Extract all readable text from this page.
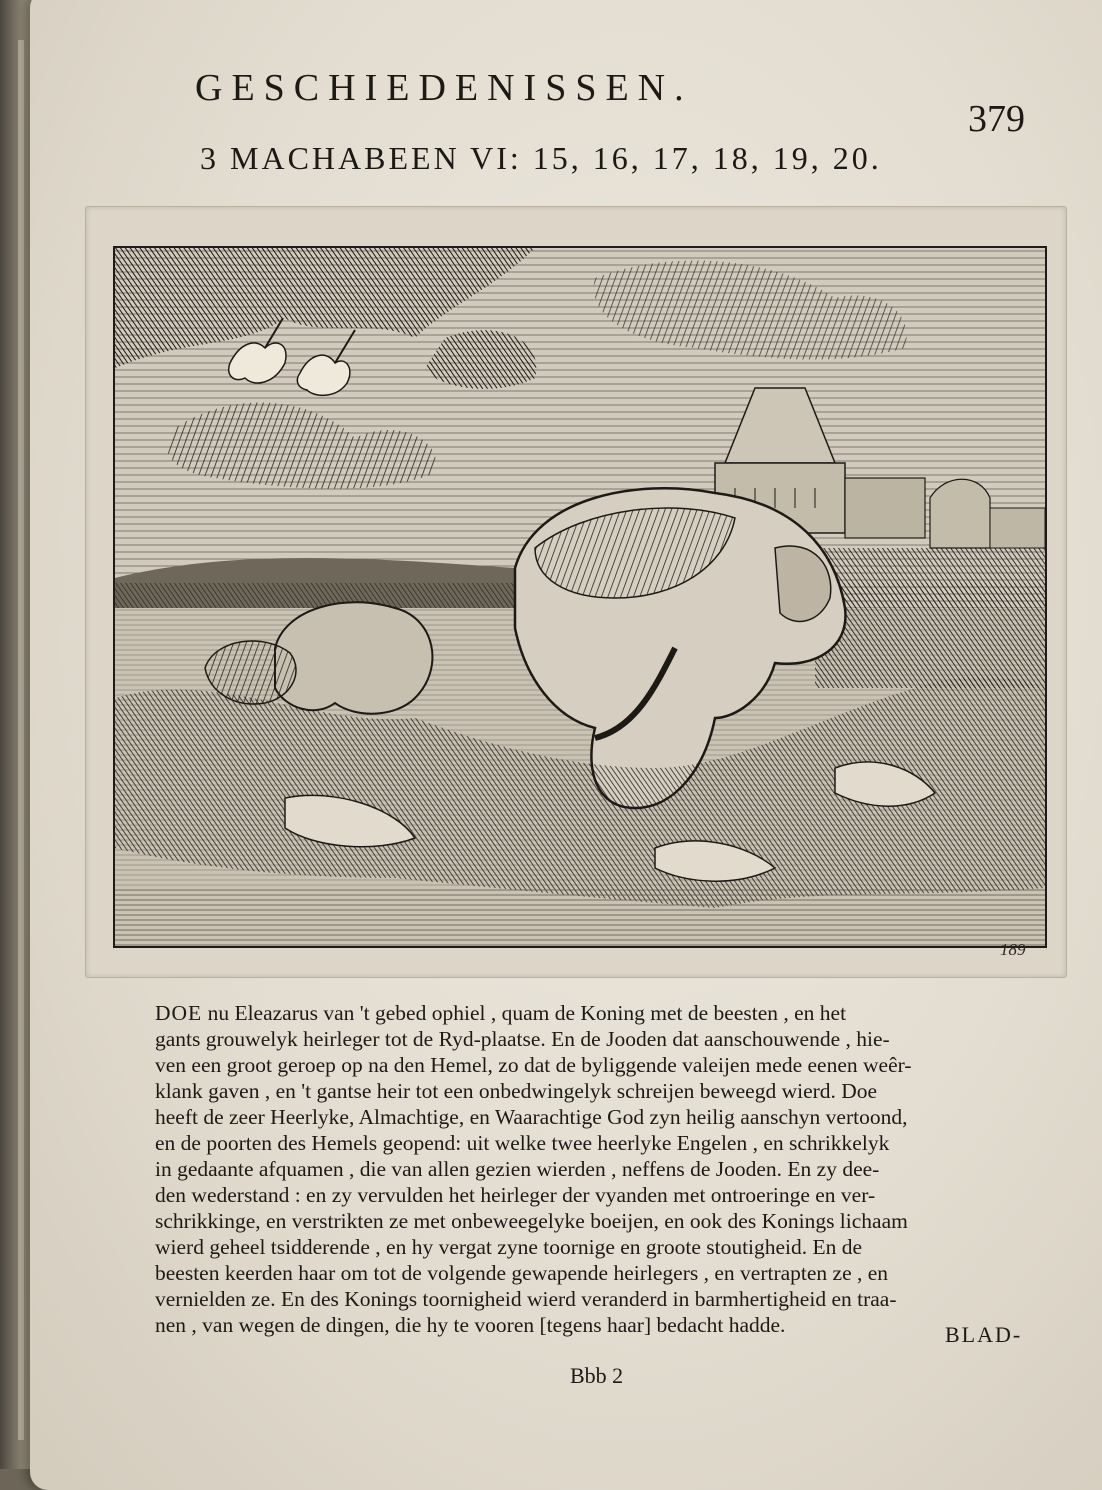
GESCHIEDENISSEN.
379
3 MACHABEEN VI: 15, 16, 17, 18, 19, 20.
189
DOE nu Eleazarus van 't gebed ophiel , quam de Koning met de beesten , en het
gants grouwelyk heirleger tot de Ryd-plaatse. En de Jooden dat aanschouwende , hie-
ven een groot geroep op na den Hemel, zo dat de byliggende valeijen mede eenen weêr-
klank gaven , en 't gantse heir tot een onbedwingelyk schreijen beweegd wierd. Doe
heeft de zeer Heerlyke, Almachtige, en Waarachtige God zyn heilig aanschyn vertoond,
en de poorten des Hemels geopend: uit welke twee heerlyke Engelen , en schrikkelyk
in gedaante afquamen , die van allen gezien wierden , neffens de Jooden. En zy dee-
den wederstand : en zy vervulden het heirleger der vyanden met ontroeringe en ver-
schrikkinge, en verstrikten ze met onbeweegelyke boeijen, en ook des Konings lichaam
wierd geheel tsidderende , en hy vergat zyne toornige en groote stoutigheid. En de
beesten keerden haar om tot de volgende gewapende heirlegers , en vertrapten ze , en
vernielden ze. En des Konings toornigheid wierd veranderd in barmhertigheid en traa-
nen , van wegen de dingen, die hy te vooren [tegens haar] bedacht hadde.	BLAD-
Bbb 2
